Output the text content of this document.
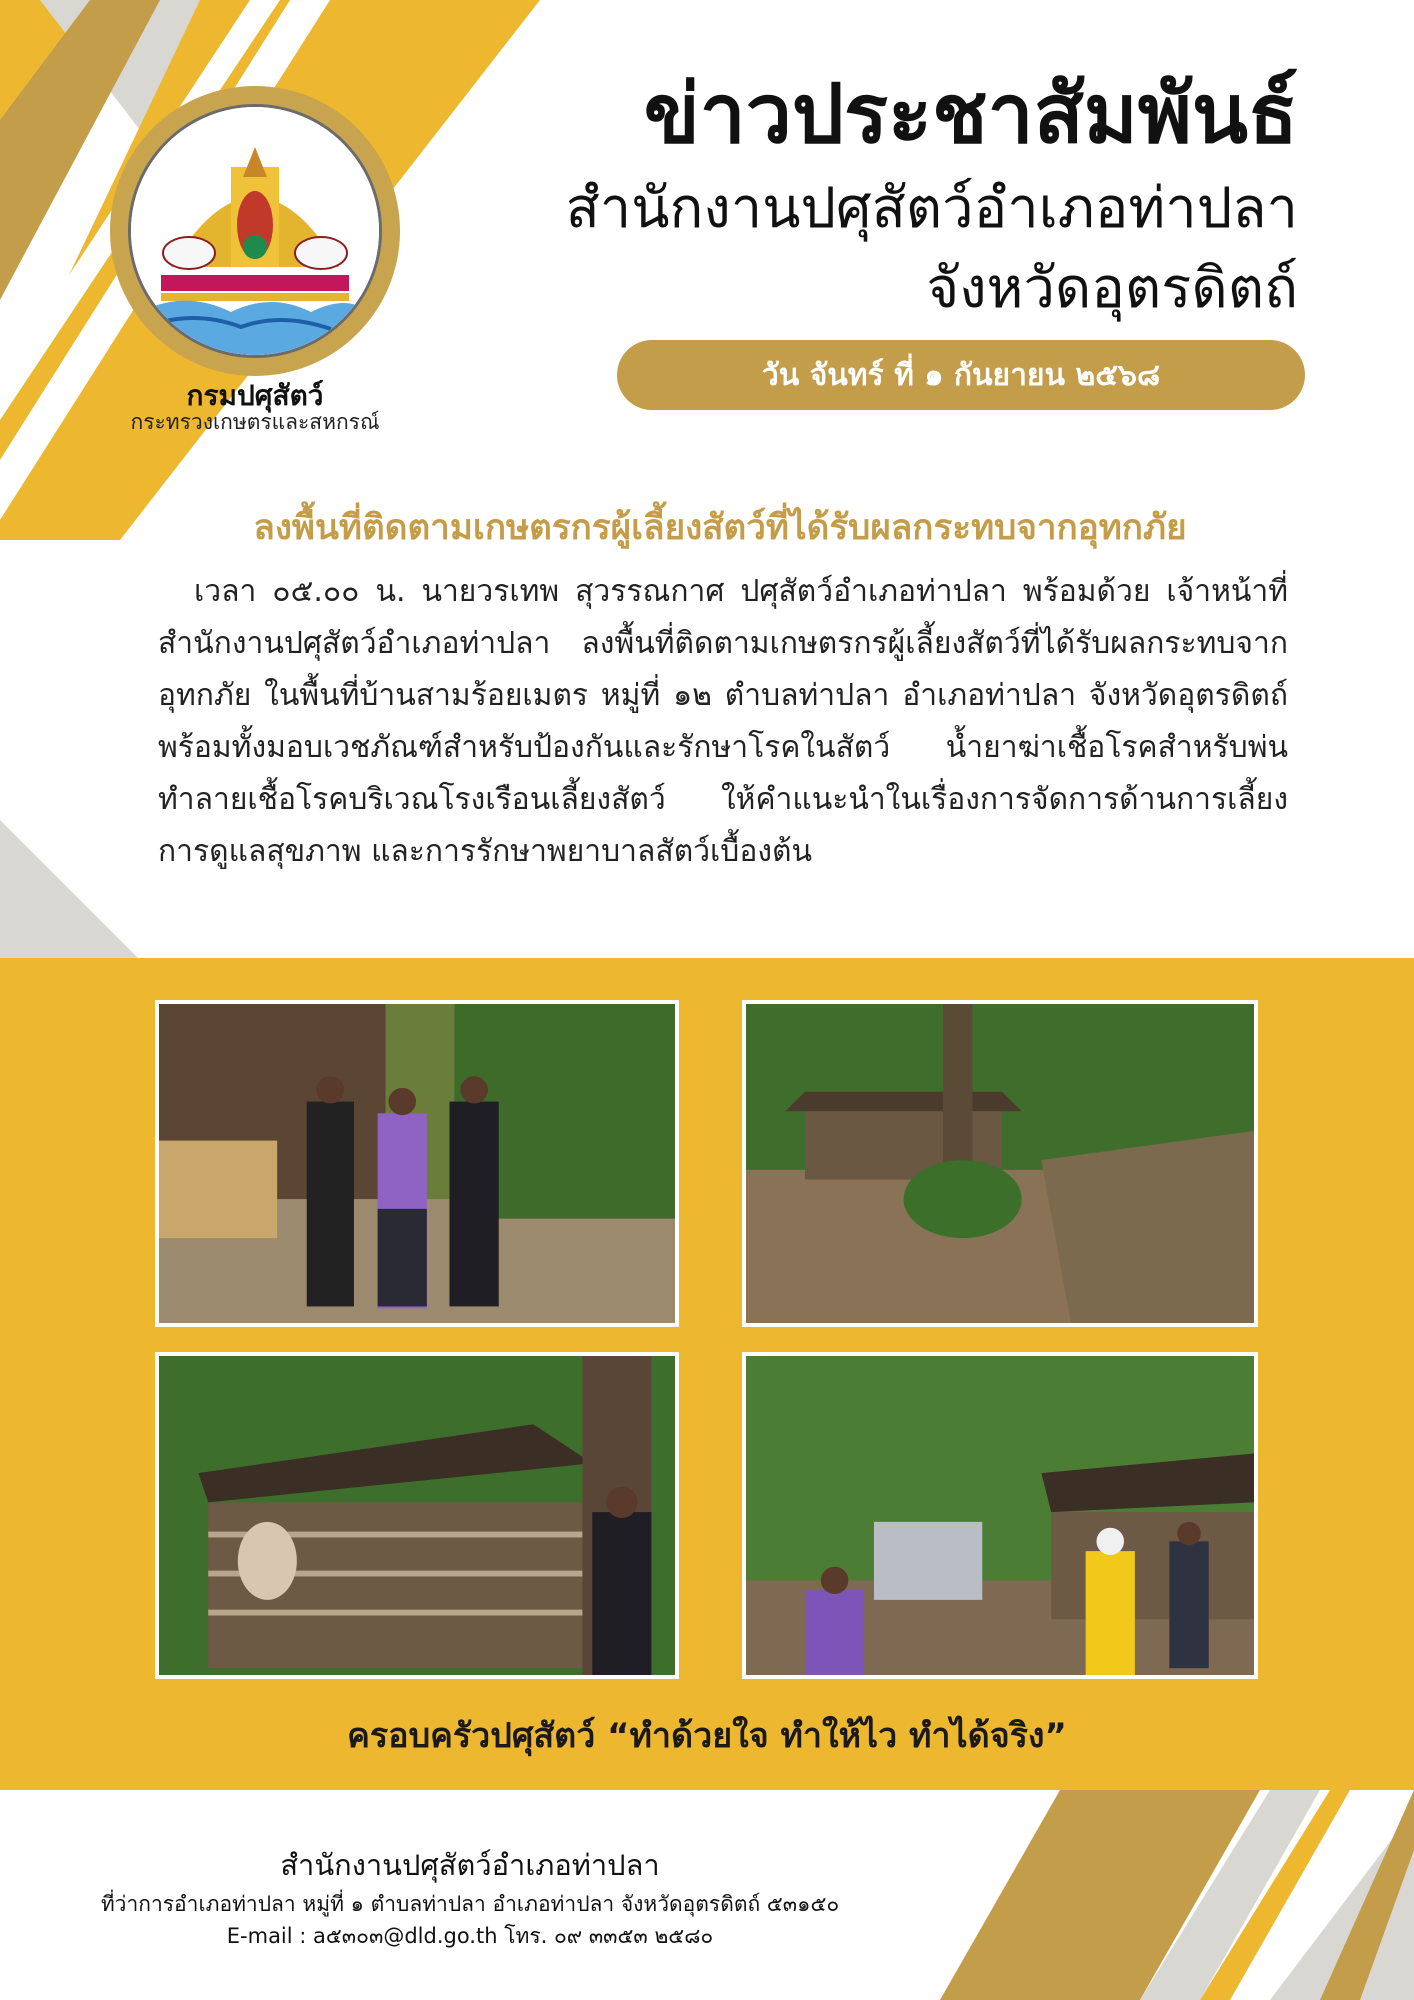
กรมปศุสัตว์
กระทรวงเกษตรและสหกรณ์
ข่าวประชาสัมพันธ์
สำนักงานปศุสัตว์อำเภอท่าปลา
จังหวัดอุตรดิตถ์
วัน จันทร์ ที่ ๑ กันยายน ๒๕๖๘
ลงพื้นที่ติดตามเกษตรกรผู้เลี้ยงสัตว์ที่ได้รับผลกระทบจากอุทกภัย
เวลา ๐๕.๐๐ น. นายวรเทพ สุวรรณกาศ ปศุสัตว์อำเภอท่าปลา พร้อมด้วย เจ้าหน้าที่สำนักงานปศุสัตว์อำเภอท่าปลา ลงพื้นที่ติดตามเกษตรกรผู้เลี้ยงสัตว์ที่ได้รับผลกระทบจากอุทกภัย ในพื้นที่บ้านสามร้อยเมตร หมู่ที่ ๑๒ ตำบลท่าปลา อำเภอท่าปลา จังหวัดอุตรดิตถ์ พร้อมทั้งมอบเวชภัณฑ์สำหรับป้องกันและรักษาโรคในสัตว์ น้ำยาฆ่าเชื้อโรคสำหรับพ่นทำลายเชื้อโรคบริเวณโรงเรือนเลี้ยงสัตว์ ให้คำแนะนำในเรื่องการจัดการด้านการเลี้ยง การดูแลสุขภาพ และการรักษาพยาบาลสัตว์เบื้องต้น
ครอบครัวปศุสัตว์ “ทำด้วยใจ ทำให้ไว ทำได้จริง”
สำนักงานปศุสัตว์อำเภอท่าปลา
ที่ว่าการอำเภอท่าปลา หมู่ที่ ๑ ตำบลท่าปลา อำเภอท่าปลา จังหวัดอุตรดิตถ์ ๕๓๑๕๐
E-mail : a๕๓๐๓@dld.go.th โทร. ๐๙ ๓๓๕๓ ๒๕๘๐
